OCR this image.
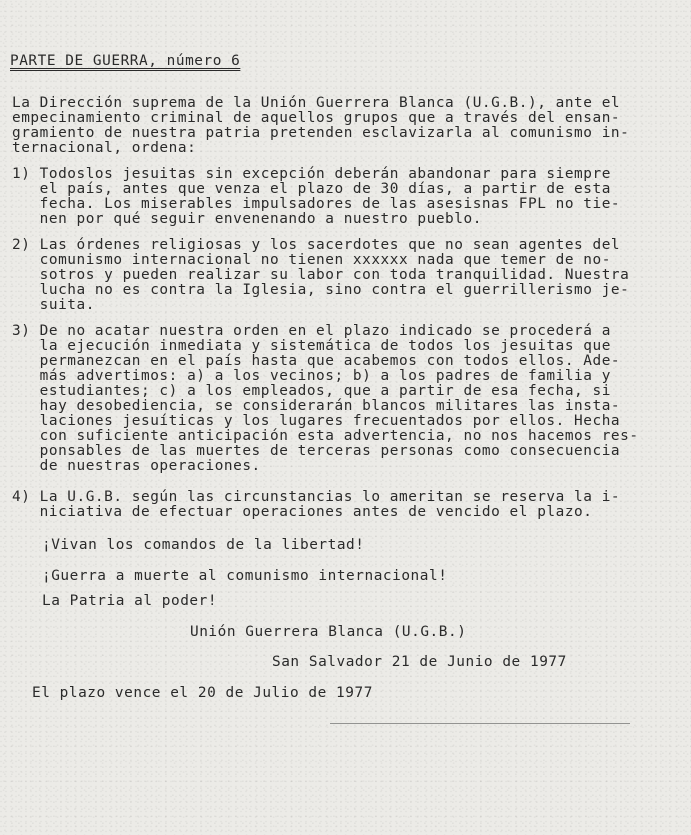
PARTE DE GUERRA, número 6
La Dirección suprema de la Unión Guerrera Blanca (U.G.B.), ante el
empecinamiento criminal de aquellos grupos que a través del ensan-
gramiento de nuestra patria pretenden esclavizarla al comunismo in-
ternacional, ordena:
1) Todoslos jesuitas sin excepción deberán abandonar para siempre
el país, antes que venza el plazo de 30 días, a partir de esta
fecha. Los miserables impulsadores de las asesisnas FPL no tie-
nen por qué seguir envenenando a nuestro pueblo.
2) Las órdenes religiosas y los sacerdotes que no sean agentes del
comunismo internacional no tienen xxxxxx nada que temer de no-
sotros y pueden realizar su labor con toda tranquilidad. Nuestra
lucha no es contra la Iglesia, sino contra el guerrillerismo je-
suita.
3) De no acatar nuestra orden en el plazo indicado se procederá a
la ejecución inmediata y sistemática de todos los jesuitas que
permanezcan en el país hasta que acabemos con todos ellos. Ade-
más advertimos: a) a los vecinos; b) a los padres de familia y
estudiantes; c) a los empleados, que a partir de esa fecha, si
hay desobediencia, se considerarán blancos militares las insta-
laciones jesuíticas y los lugares frecuentados por ellos. Hecha
con suficiente anticipación esta advertencia, no nos hacemos res-
ponsables de las muertes de terceras personas como consecuencia
de nuestras operaciones.
4) La U.G.B. según las circunstancias lo ameritan se reserva la i-
niciativa de efectuar operaciones antes de vencido el plazo.
¡Vivan los comandos de la libertad!
¡Guerra a muerte al comunismo internacional!
La Patria al poder!
Unión Guerrera Blanca (U.G.B.)
San Salvador 21 de Junio de 1977
El plazo vence el 20 de Julio de 1977
